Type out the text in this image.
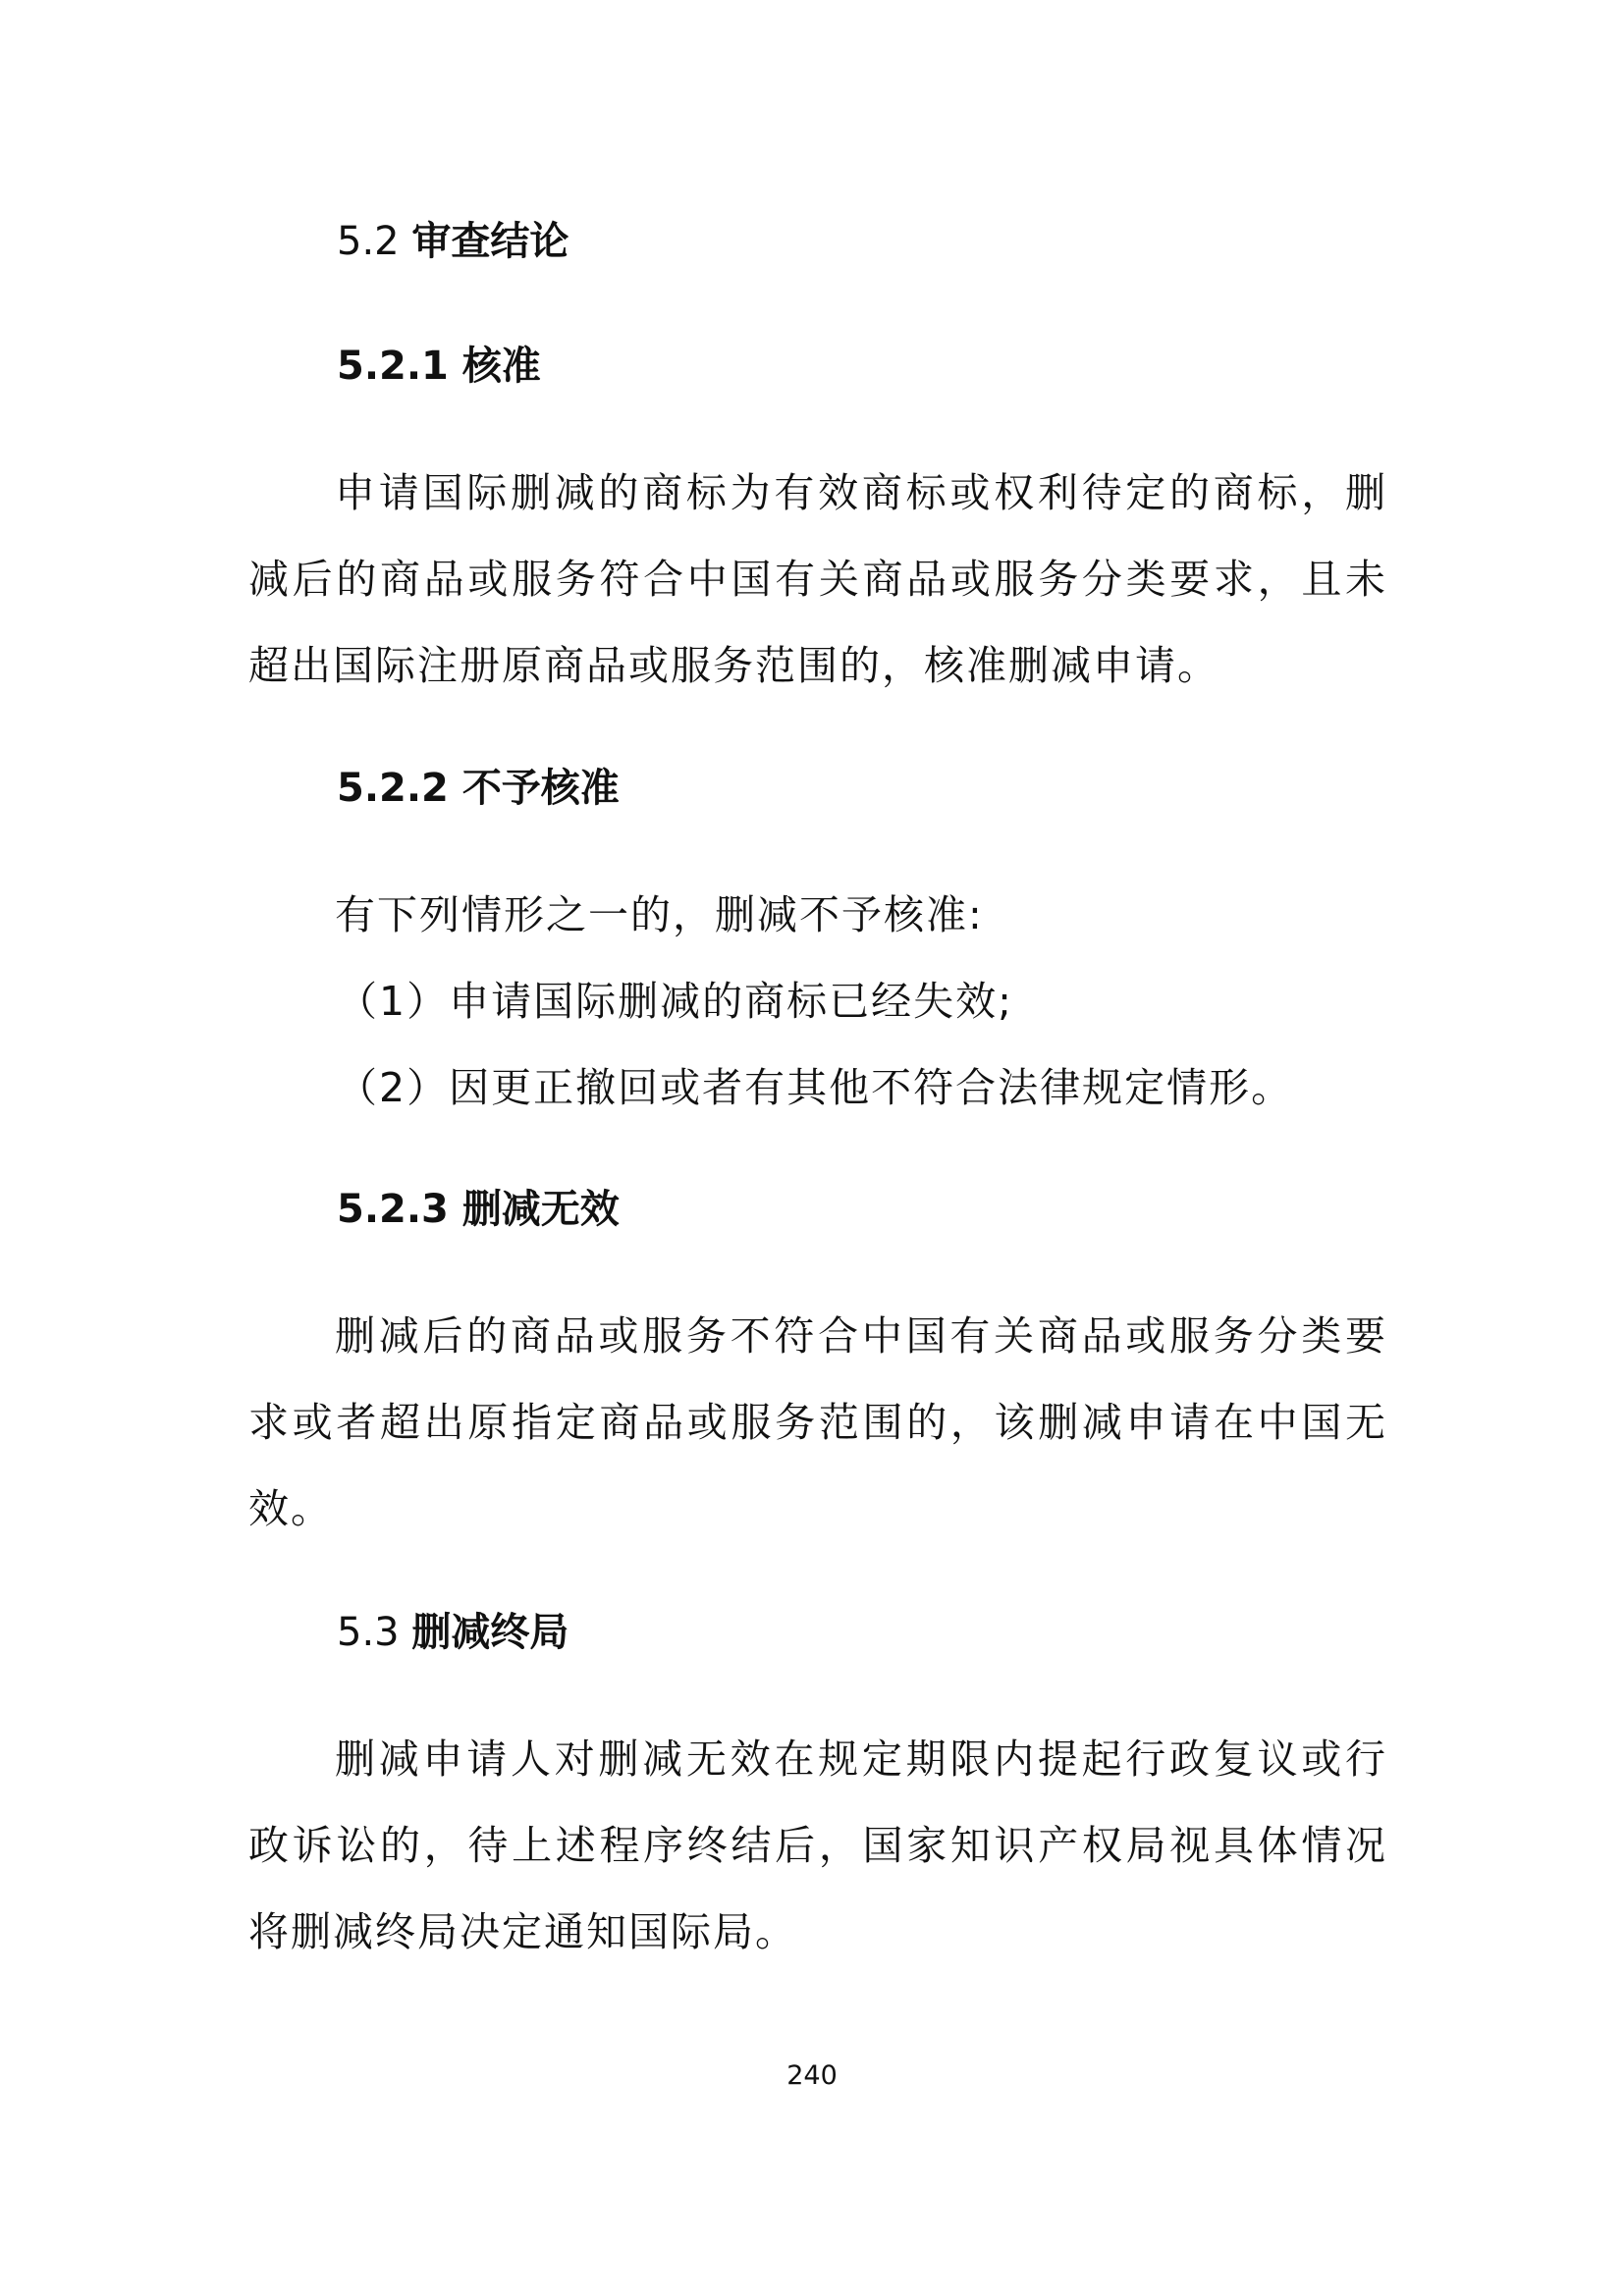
5.2 审查结论
5.2.1 核准

申请国际删减的商标为有效商标或权利待定的商标，删减后的商品或服务符合中国有关商品或服务分类要求，且未超出国际注册原商品或服务范围的，核准删减申请。

5.2.2 不予核准

有下列情形之一的，删减不予核准:

（1）申请国际删减的商标已经失效;

（2）因更正撤回或者有其他不符合法律规定情形。

5.2.3 删减无效

删减后的商品或服务不符合中国有关商品或服务分类要求或者超出原指定商品或服务范围的，该删减申请在中国无效。

5.3 删减终局

删减申请人对删减无效在规定期限内提起行政复议或行政诉讼的，待上述程序终结后，国家知识产权局视具体情况将删减终局决定通知国际局。

240
